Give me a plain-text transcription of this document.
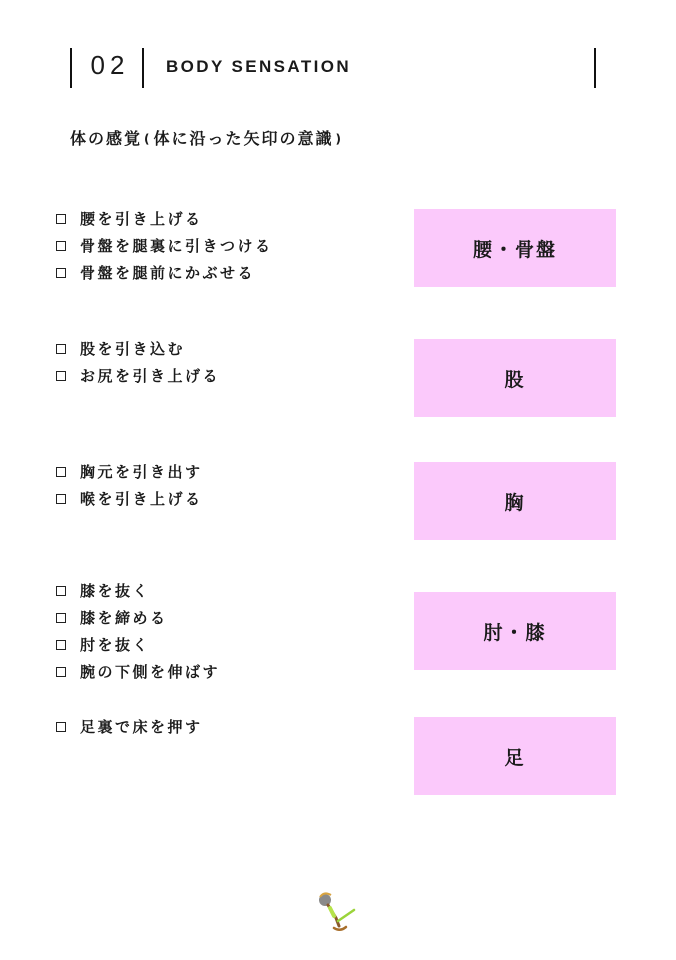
02 BODY SENSATION
体の感覚 ( 体に沿った矢印の意識 )
腰を引き上げる
骨盤を腿裏に引きつける
骨盤を腿前にかぶせる
腰・骨盤
股を引き込む
お尻を引き上げる	股
胸元を引き出す
喉を引き上げる	胸
膝を抜く
膝を締める
肘を抜く
腕の下側を伸ばす
肘・膝
足裏で床を押す
足
